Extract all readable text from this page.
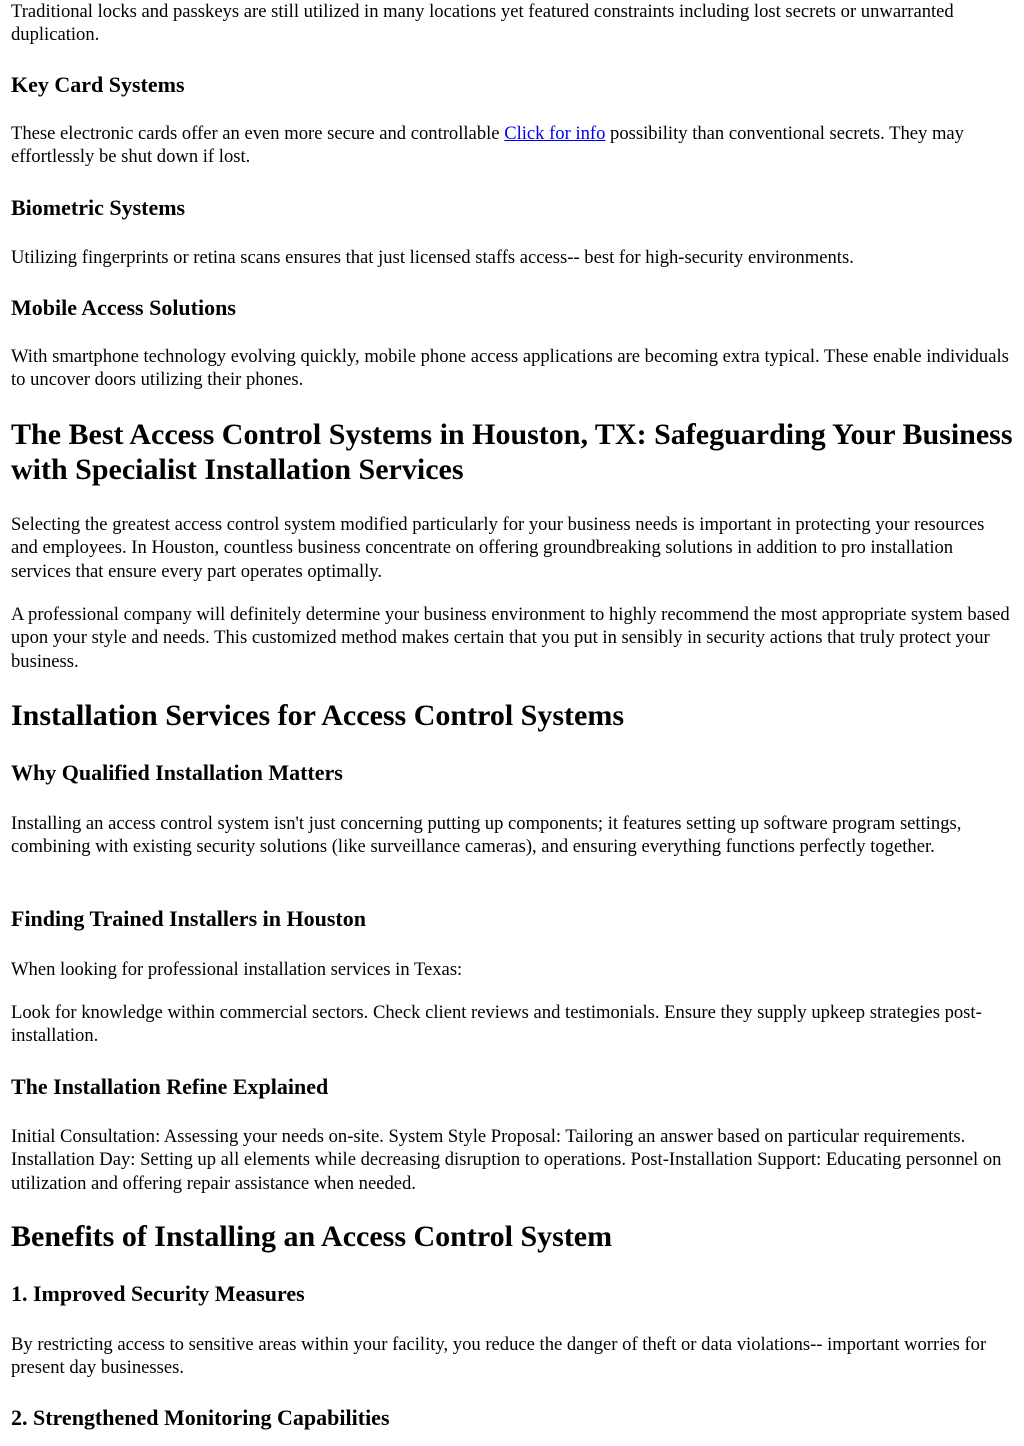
Traditional locks and passkeys are still utilized in many locations yet featured constraints including lost secrets or unwarranted duplication.

Key Card Systems

These electronic cards offer an even more secure and controllable Click for info possibility than conventional secrets. They may effortlessly be shut down if lost.

Biometric Systems

Utilizing fingerprints or retina scans ensures that just licensed staffs access-- best for high-security environments.

Mobile Access Solutions

With smartphone technology evolving quickly, mobile phone access applications are becoming extra typical. These enable individuals to uncover doors utilizing their phones.

The Best Access Control Systems in Houston, TX: Safeguarding Your Business with Specialist Installation Services

Selecting the greatest access control system modified particularly for your business needs is important in protecting your resources and employees. In Houston, countless business concentrate on offering groundbreaking solutions in addition to pro installation services that ensure every part operates optimally.

A professional company will definitely determine your business environment to highly recommend the most appropriate system based upon your style and needs. This customized method makes certain that you put in sensibly in security actions that truly protect your business.

Installation Services for Access Control Systems
Why Qualified Installation Matters

Installing an access control system isn't just concerning putting up components; it features setting up software program settings, combining with existing security solutions (like surveillance cameras), and ensuring everything functions perfectly together.

Finding Trained Installers in Houston

When looking for professional installation services in Texas:

Look for knowledge within commercial sectors. Check client reviews and testimonials. Ensure they supply upkeep strategies post-installation.

The Installation Refine Explained

Initial Consultation: Assessing your needs on-site. System Style Proposal: Tailoring an answer based on particular requirements. Installation Day: Setting up all elements while decreasing disruption to operations. Post-Installation Support: Educating personnel on utilization and offering repair assistance when needed.

Benefits of Installing an Access Control System
1. Improved Security Measures

By restricting access to sensitive areas within your facility, you reduce the danger of theft or data violations-- important worries for present day businesses.

2. Strengthened Monitoring Capabilities
